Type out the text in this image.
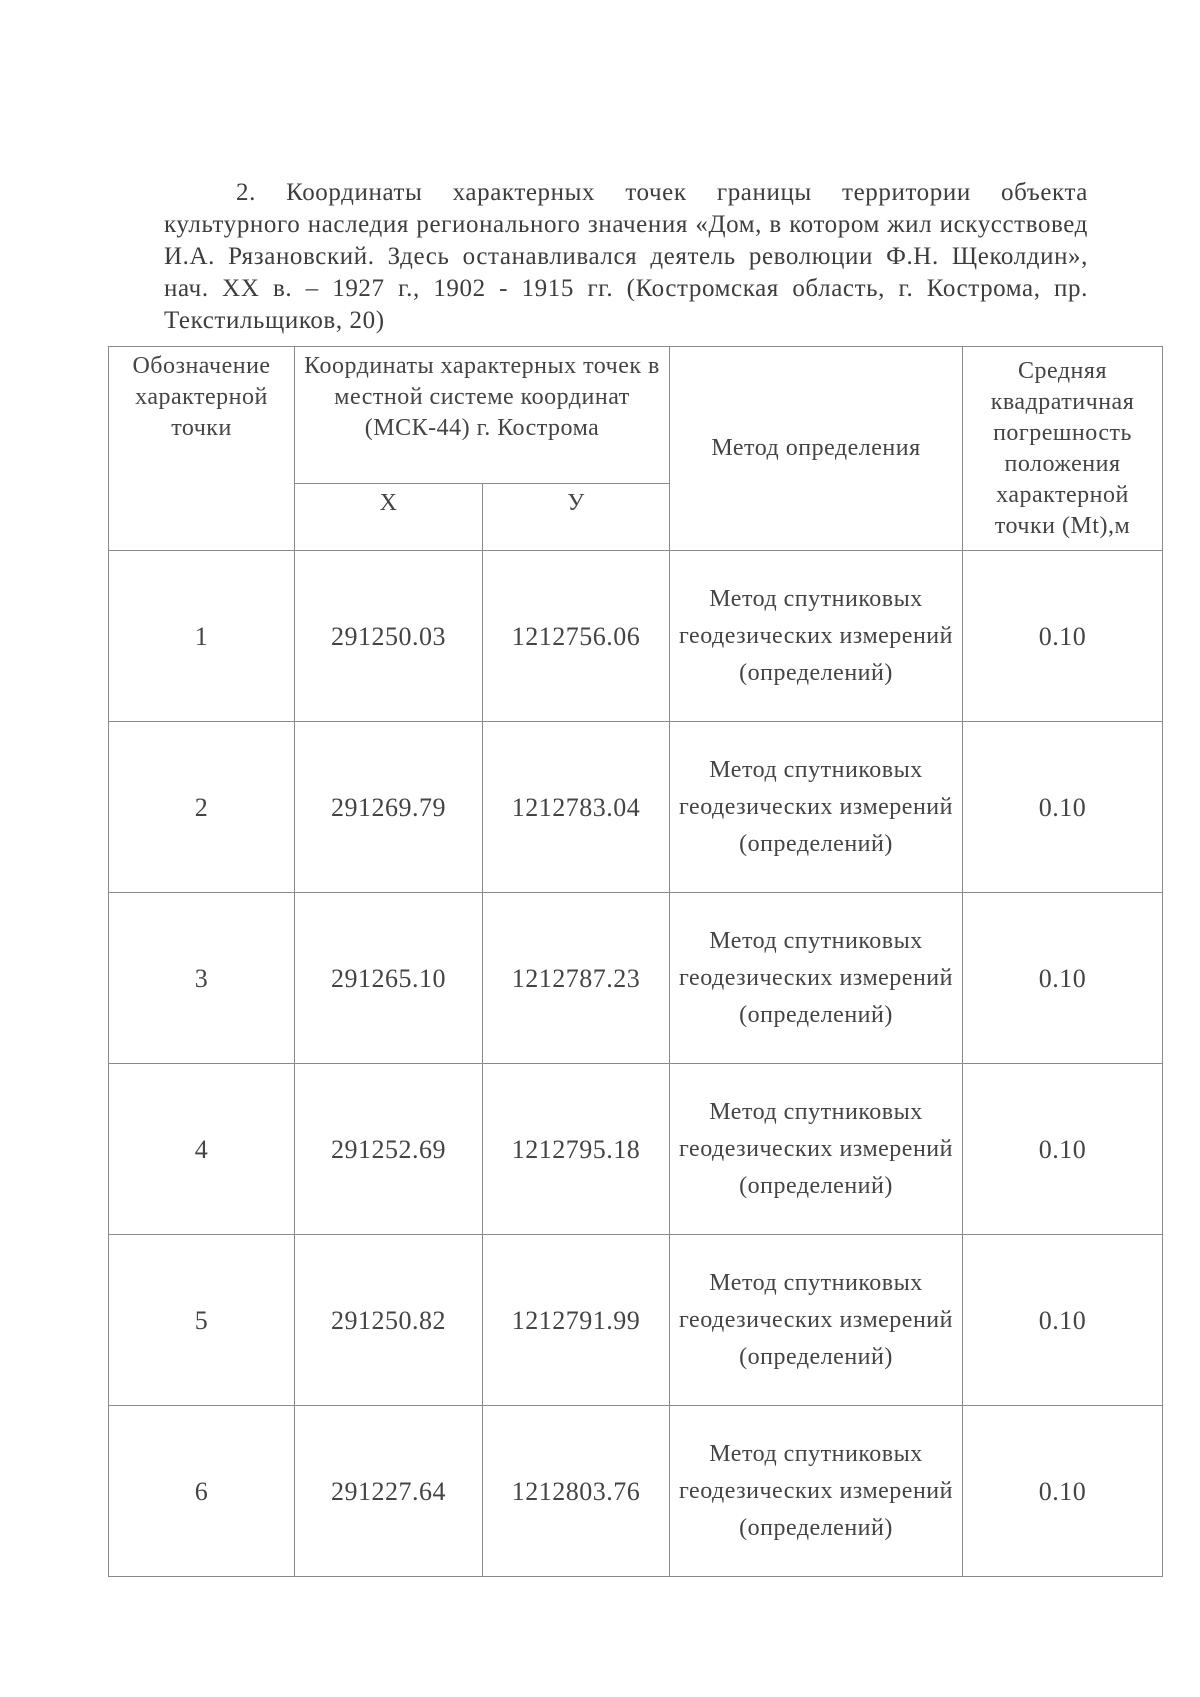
2. Координаты характерных точек границы территории объекта культурного наследия регионального значения «Дом, в котором жил искусствовед И.А. Рязановский. Здесь останавливался деятель революции Ф.Н. Щеколдин», нач. XX в. – 1927 г., 1902 - 1915 гг. (Костромская область, г. Кострома, пр. Текстильщиков, 20)

Обозначение характерной точки	Координаты характерных точек в местной системе координат (МСК-44) г. Кострома		Метод определения	Средняя квадратичная погрешность положения характерной точки (Mt),м
	Х	У		
1	291250.03	1212756.06	Метод спутниковых геодезических измерений (определений)	0.10
2	291269.79	1212783.04	Метод спутниковых геодезических измерений (определений)	0.10
3	291265.10	1212787.23	Метод спутниковых геодезических измерений (определений)	0.10
4	291252.69	1212795.18	Метод спутниковых геодезических измерений (определений)	0.10
5	291250.82	1212791.99	Метод спутниковых геодезических измерений (определений)	0.10
6	291227.64	1212803.76	Метод спутниковых геодезических измерений (определений)	0.10
